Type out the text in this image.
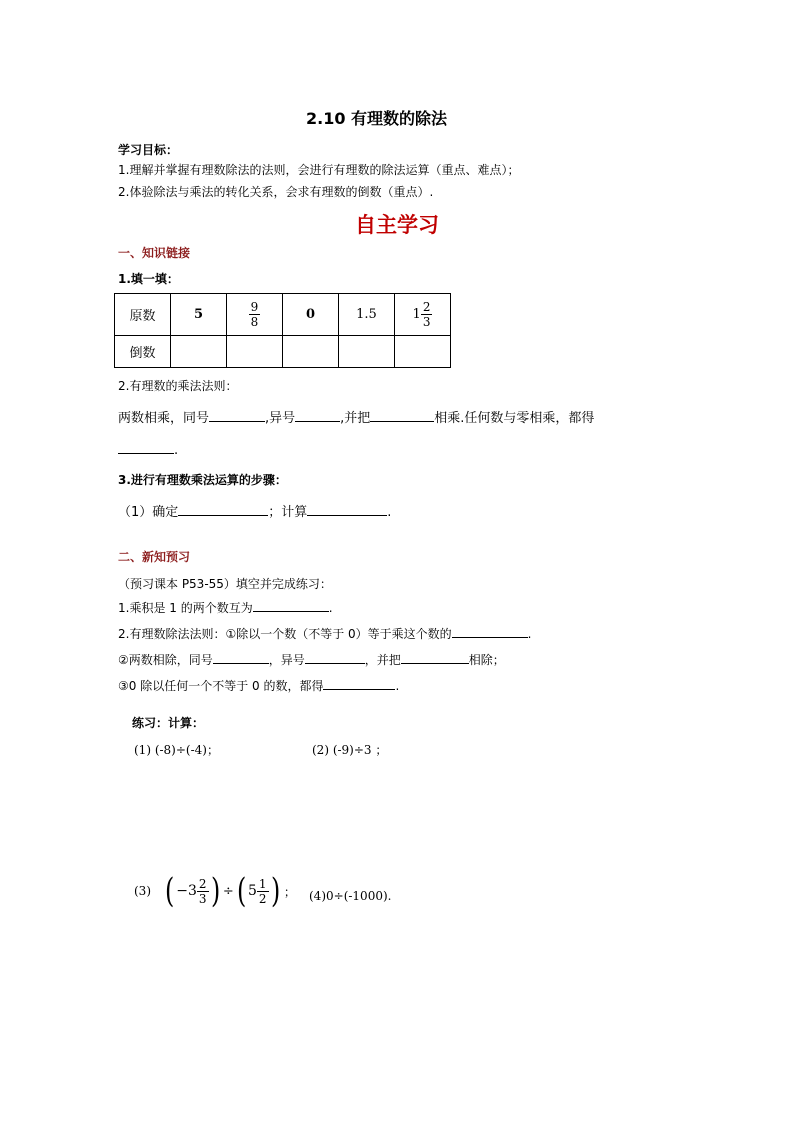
2.10 有理数的除法
学习目标：
1.理解并掌握有理数除法的法则，会进行有理数的除法运算（重点、难点）；
2.体验除法与乘法的转化关系，会求有理数的倒数（重点）.
自主学习
一、知识链接
1.填一填：
原数	5	$\frac{9}{8}$	0	1.5	$1 \frac{2}{3}$

倒数					
2.有理数的乘法法则：
两数相乘，同号	,异号	,并把	相乘.任何数与零相乘，都得
.
3.进行有理数乘法运算的步骤：
（1）确定	；计算	.
二、新知预习
（预习课本 P53-55）填空并完成练习：
1.乘积是 1 的两个数互为	.
2.有理数除法法则：①除以一个数（不等于 0）等于乘这个数的	.
②两数相除，同号	，异号	，并把	相除；
③0 除以任何一个不等于 0 的数，都得	.
练习：计算：
(1) (-8)÷(-4)；	(2) (-9)÷3 ；
(3) ( $-3 \frac{2}{3}$ ) ÷ ( $5 \frac{1}{2}$ ) ； (4)0÷(-1000).
